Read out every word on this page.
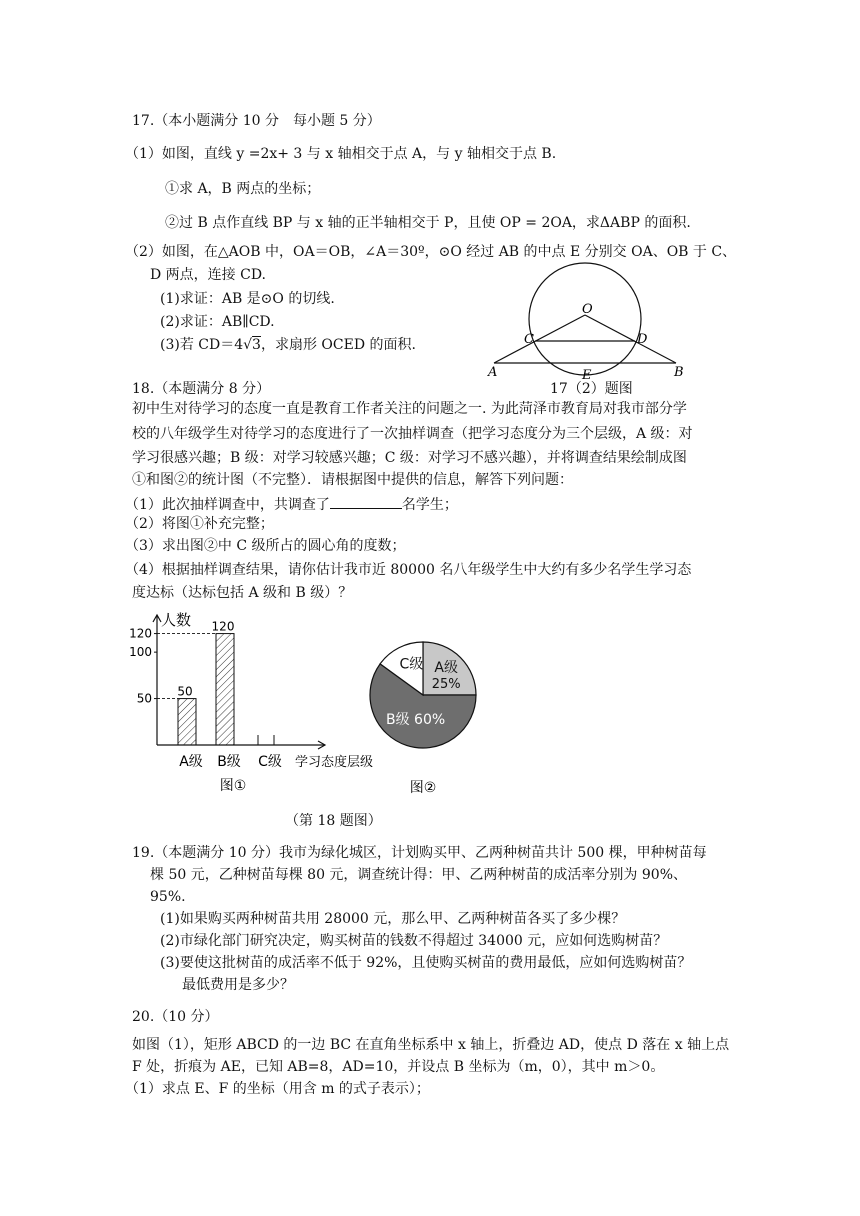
17.（本小题满分 10 分　每小题 5 分）
（1）如图，直线 y =2x+ 3 与 x 轴相交于点 A，与 y 轴相交于点 B.
①求 A，B 两点的坐标；
②过 B 点作直线 BP 与 x 轴的正半轴相交于 P，且使 OP = 2OA，求ΔABP 的面积.
（2）如图，在△AOB 中，OA＝OB，∠A＝30º，⊙O 经过 AB 的中点 E 分别交 OA、OB 于 C、
D 两点，连接 CD.
(1)求证：AB 是⊙O 的切线.
(2)求证：AB∥CD.
(3)若 CD＝4√3，求扇形 OCED 的面积.
O
C	D
A	E	B
17（2）题图
18.（本题满分 8 分）
初中生对待学习的态度一直是教育工作者关注的问题之一. 为此菏泽市教育局对我市部分学
校的八年级学生对待学习的态度进行了一次抽样调查（把学习态度分为三个层级，A 级：对
学习很感兴趣；B 级：对学习较感兴趣；C 级：对学习不感兴趣），并将调查结果绘制成图
①和图②的统计图（不完整）．请根据图中提供的信息，解答下列问题：
（1）此次抽样调查中，共调查了	名学生；
（2）将图①补充完整；
（3）求出图②中 C 级所占的圆心角的度数；
（4）根据抽样调查结果，请你估计我市近 80000 名八年级学生中大约有多少名学生学习态
度达标（达标包括 A 级和 B 级）？
人数
50
100
120
50
A级
120
B级 C级 学习态度层级
图①
A级
25%
B级 60%
C级
图②
（第 18 题图）
19.（本题满分 10 分）我市为绿化城区，计划购买甲、乙两种树苗共计 500 棵，甲种树苗每
棵 50 元，乙种树苗每棵 80 元，调查统计得：甲、乙两种树苗的成活率分别为 90%、
95%.
(1)如果购买两种树苗共用 28000 元，那么甲、乙两种树苗各买了多少棵？
(2)市绿化部门研究决定，购买树苗的钱数不得超过 34000 元，应如何选购树苗？
(3)要使这批树苗的成活率不低于 92%，且使购买树苗的费用最低，应如何选购树苗？
最低费用是多少？
20.（10 分）
如图（1），矩形 ABCD 的一边 BC 在直角坐标系中 x 轴上，折叠边 AD，使点 D 落在 x 轴上点
F 处，折痕为 AE，已知 AB=8，AD=10，并设点 B 坐标为（m，0），其中 m＞0。
（1）求点 E、F 的坐标（用含 m 的式子表示）；
